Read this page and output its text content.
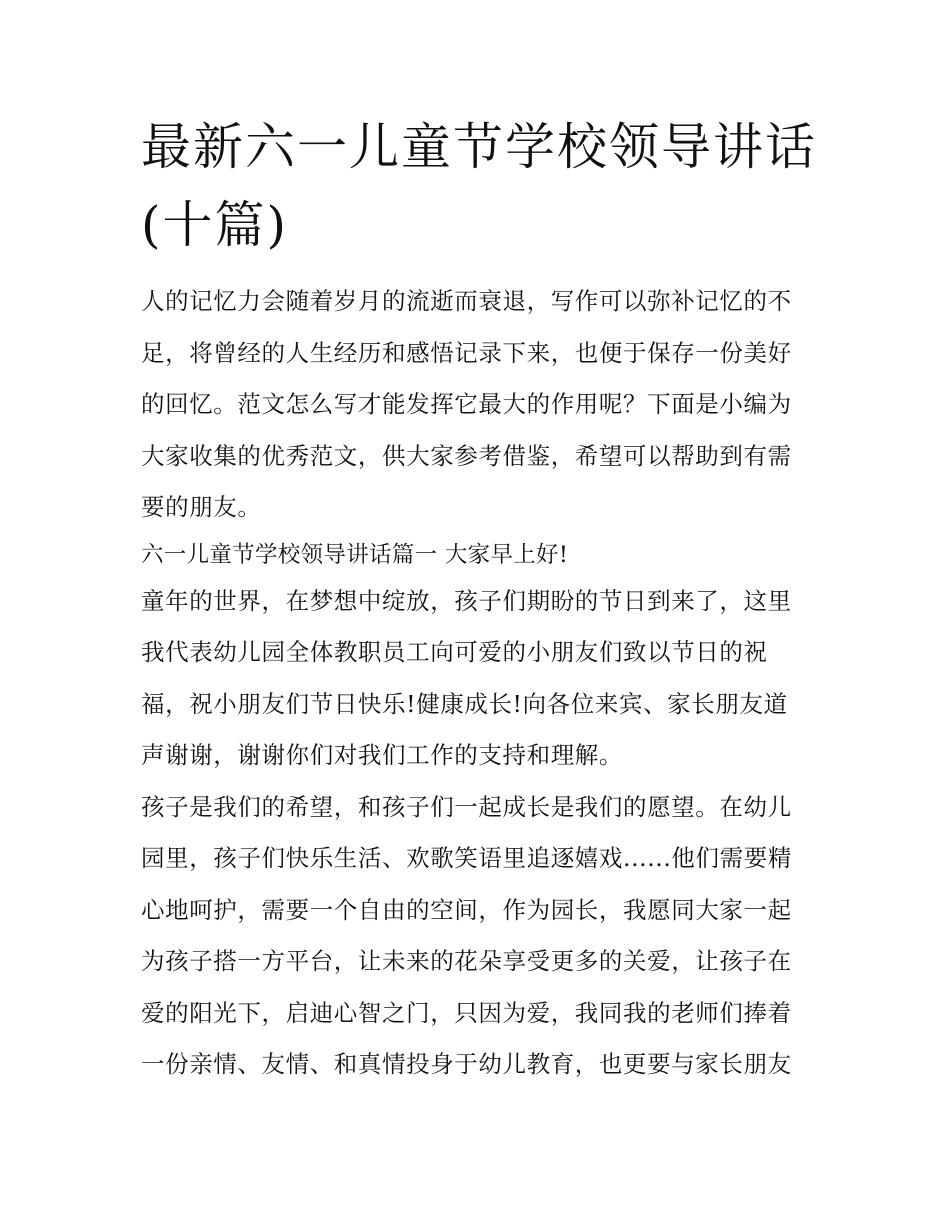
最新六一儿童节学校领导讲话
(十篇)
人的记忆力会随着岁月的流逝而衰退，写作可以弥补记忆的不
足，将曾经的人生经历和感悟记录下来，也便于保存一份美好
的回忆。范文怎么写才能发挥它最大的作用呢？下面是小编为
大家收集的优秀范文，供大家参考借鉴，希望可以帮助到有需
要的朋友。
六一儿童节学校领导讲话篇一 大家早上好!
童年的世界，在梦想中绽放，孩子们期盼的节日到来了，这里
我代表幼儿园全体教职员工向可爱的小朋友们致以节日的祝
福，祝小朋友们节日快乐!健康成长!向各位来宾、家长朋友道
声谢谢，谢谢你们对我们工作的支持和理解。
孩子是我们的希望，和孩子们一起成长是我们的愿望。在幼儿
园里，孩子们快乐生活、欢歌笑语里追逐嬉戏......他们需要精
心地呵护，需要一个自由的空间，作为园长，我愿同大家一起
为孩子搭一方平台，让未来的花朵享受更多的关爱，让孩子在
爱的阳光下，启迪心智之门，只因为爱，我同我的老师们捧着
一份亲情、友情、和真情投身于幼儿教育，也更要与家长朋友
